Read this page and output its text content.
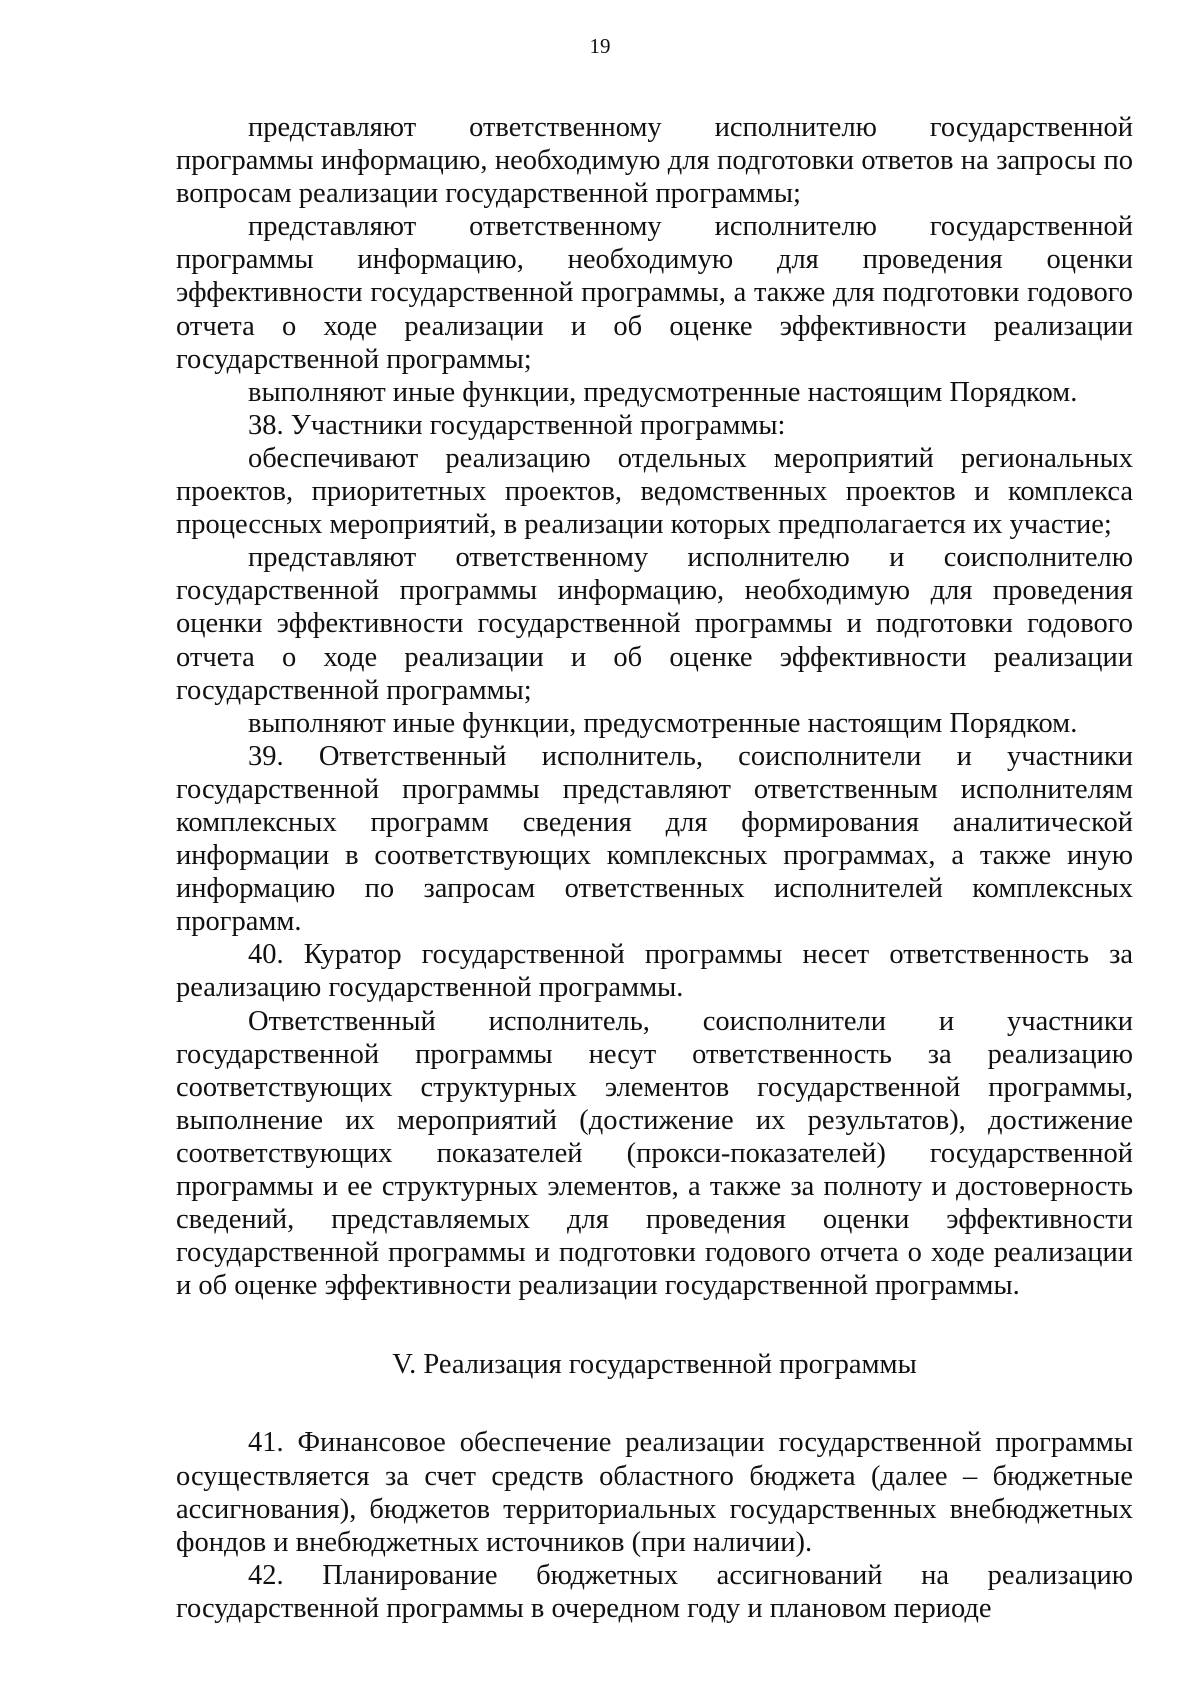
19

представляют ответственному исполнителю государственной программы информацию, необходимую для подготовки ответов на запросы по вопросам реализации государственной программы;

представляют ответственному исполнителю государственной программы информацию, необходимую для проведения оценки эффективности государственной программы, а также для подготовки годового отчета о ходе реализации и об оценке эффективности реализации государственной программы;

выполняют иные функции, предусмотренные настоящим Порядком.

38. Участники государственной программы:

обеспечивают реализацию отдельных мероприятий региональных проектов, приоритетных проектов, ведомственных проектов и комплекса процессных мероприятий, в реализации которых предполагается их участие;

представляют ответственному исполнителю и соисполнителю государственной программы информацию, необходимую для проведения оценки эффективности государственной программы и подготовки годового отчета о ходе реализации и об оценке эффективности реализации государственной программы;

выполняют иные функции, предусмотренные настоящим Порядком.

39. Ответственный исполнитель, соисполнители и участники государственной программы представляют ответственным исполнителям комплексных программ сведения для формирования аналитической информации в соответствующих комплексных программах, а также иную информацию по запросам ответственных исполнителей комплексных программ.

40. Куратор государственной программы несет ответственность за реализацию государственной программы.

Ответственный исполнитель, соисполнители и участники государственной программы несут ответственность за реализацию соответствующих структурных элементов государственной программы, выполнение их мероприятий (достижение их результатов), достижение соответствующих показателей (прокси-показателей) государственной программы и ее структурных элементов, а также за полноту и достоверность сведений, представляемых для проведения оценки эффективности государственной программы и подготовки годового отчета о ходе реализации и об оценке эффективности реализации государственной программы.

V. Реализация государственной программы

41. Финансовое обеспечение реализации государственной программы осуществляется за счет средств областного бюджета (далее – бюджетные ассигнования), бюджетов территориальных государственных внебюджетных фондов и внебюджетных источников (при наличии).

42. Планирование бюджетных ассигнований на реализацию государственной программы в очередном году и плановом периоде
